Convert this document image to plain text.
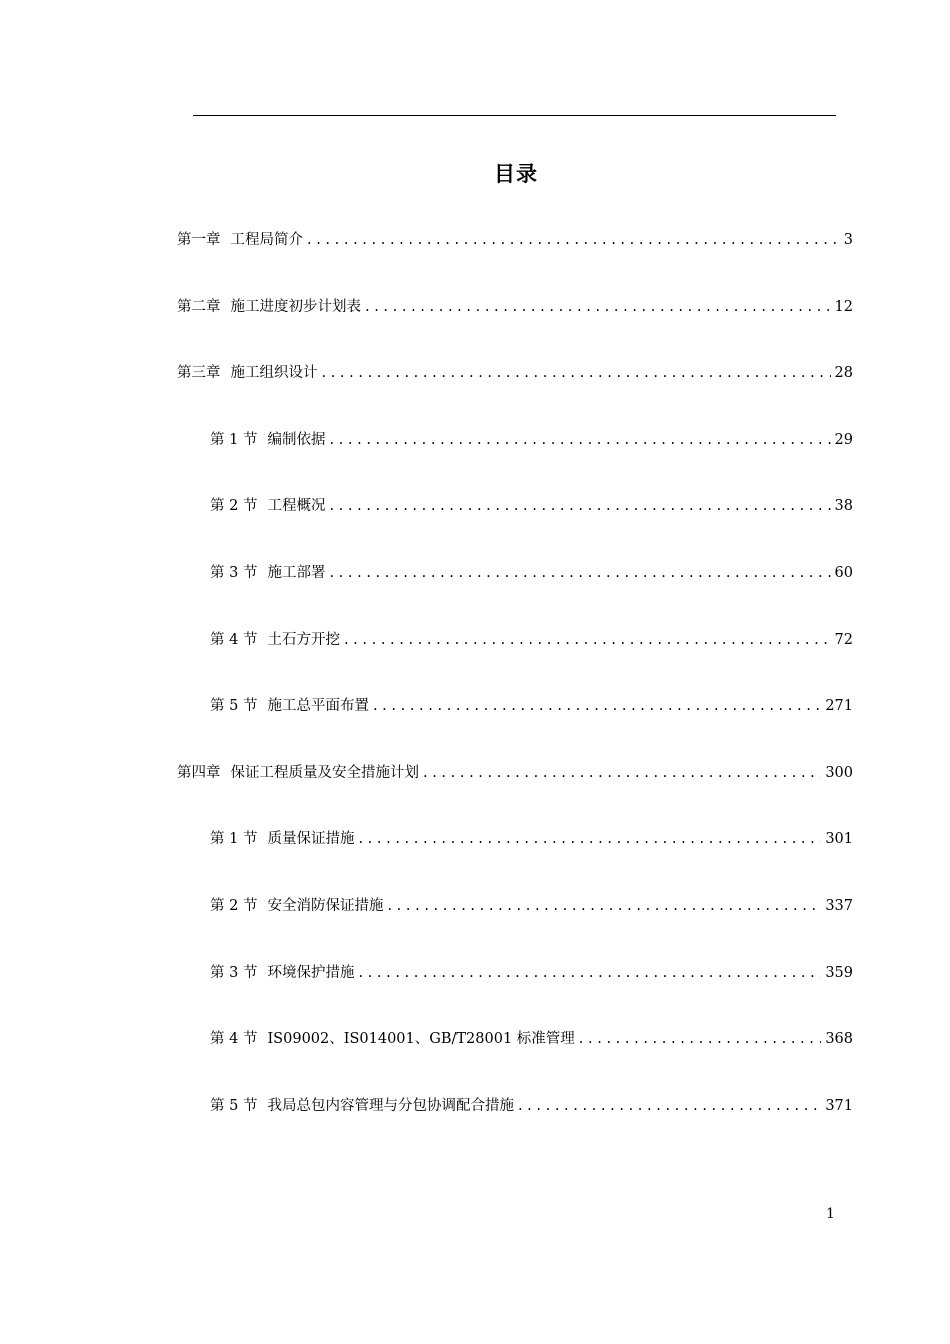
目录
第一章 工程局简介 . . .	3
第二章 施工进度初步计划表 . . .	12
第三章 施工组织设计 . . .	28
第 1 节 编制依据 . . .	29
第 2 节 工程概况 . . .	38
第 3 节 施工部署 . . .	60
第 4 节 土石方开挖 . . .	72
第 5 节 施工总平面布置 . . .	271
第四章 保证工程质量及安全措施计划 . . .	300
第 1 节 质量保证措施 . . .	301
第 2 节 安全消防保证措施 . . .	337
第 3 节 环境保护措施 . . .	359
第 4 节 IS09002、IS014001、GB/T28001 标准管理 . . .	368
第 5 节 我局总包内容管理与分包协调配合措施 . . .	371
1
